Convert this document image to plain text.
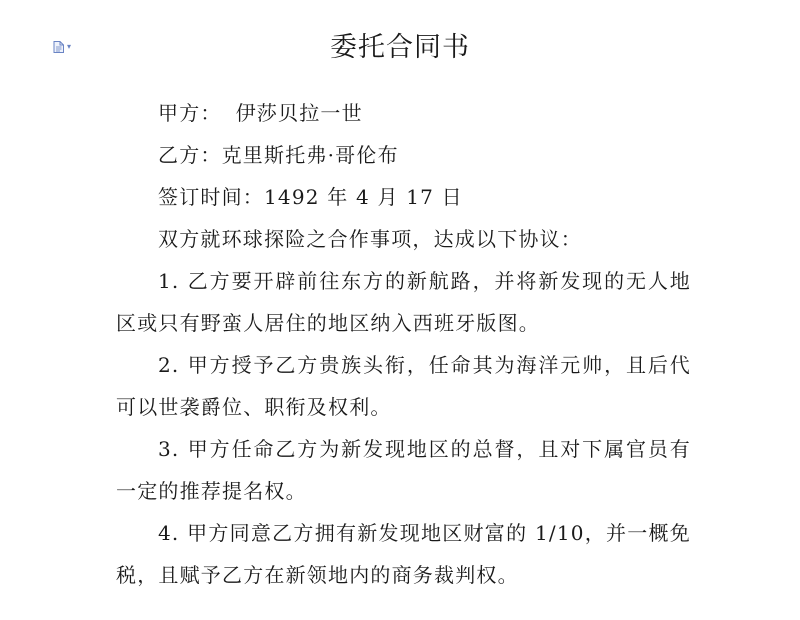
▾	委托合同书
甲方： 伊莎贝拉一世
乙方：克里斯托弗·哥伦布
签订时间：1492 年 4 月 17 日
双方就环球探险之合作事项，达成以下协议：

1. 乙方要开辟前往东方的新航路，并将新发现的无人地区或只有野蛮人居住的地区纳入西班牙版图。

2. 甲方授予乙方贵族头衔，任命其为海洋元帅，且后代可以世袭爵位、职衔及权利。

3. 甲方任命乙方为新发现地区的总督，且对下属官员有一定的推荐提名权。

4. 甲方同意乙方拥有新发现地区财富的 1/10，并一概免税，且赋予乙方在新领地内的商务裁判权。
